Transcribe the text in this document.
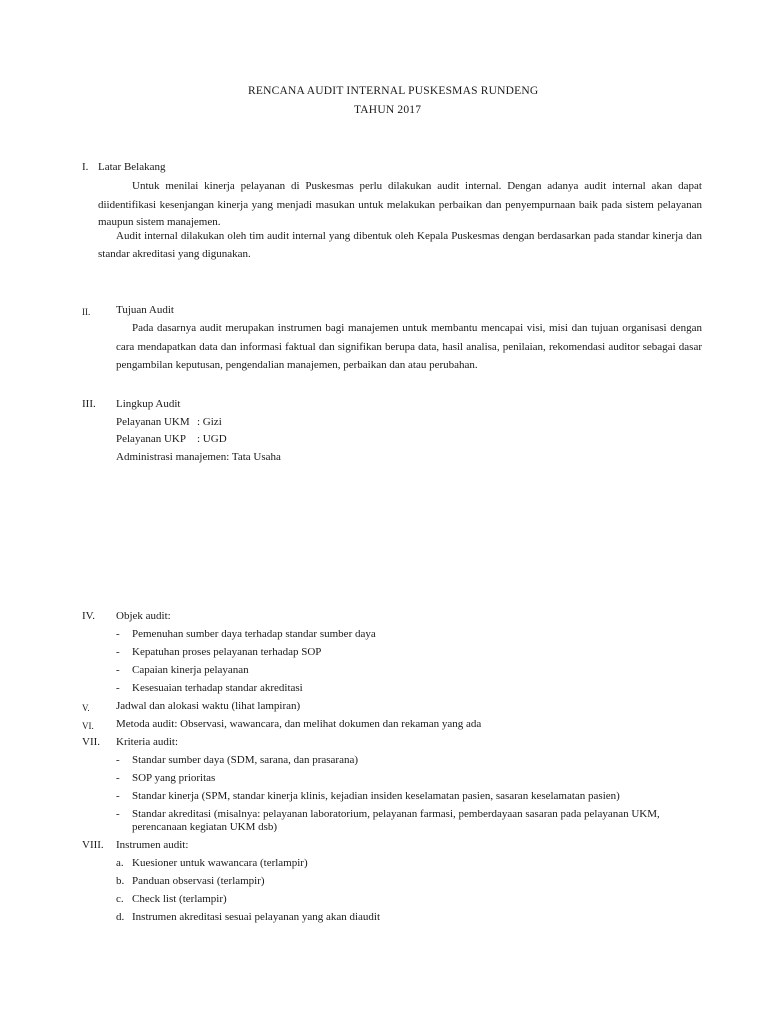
RENCANA AUDIT INTERNAL PUSKESMAS RUNDENG
TAHUN 2017
I. Latar Belakang
Untuk menilai kinerja pelayanan di Puskesmas perlu dilakukan audit internal. Dengan adanya audit internal akan dapat
diidentifikasi kesenjangan kinerja yang menjadi masukan untuk melakukan perbaikan dan penyempurnaan baik pada sistem pelayanan
maupun sistem manajemen.
Audit internal dilakukan oleh tim audit internal yang dibentuk oleh Kepala Puskesmas dengan berdasarkan pada standar kinerja dan
standar akreditasi yang digunakan.
II. Tujuan Audit
Pada dasarnya audit merupakan instrumen bagi manajemen untuk membantu mencapai visi, misi dan tujuan organisasi dengan
cara mendapatkan data dan informasi faktual dan signifikan berupa data, hasil analisa, penilaian, rekomendasi auditor sebagai dasar
pengambilan keputusan, pengendalian manajemen, perbaikan dan atau perubahan.
III. Lingkup Audit
Pelayanan UKM : Gizi
Pelayanan UKP : UGD
Administrasi manajemen: Tata Usaha
IV. Objek audit:
- Pemenuhan sumber daya terhadap standar sumber daya
- Kepatuhan proses pelayanan terhadap SOP
- Capaian kinerja pelayanan
- Kesesuaian terhadap standar akreditasi
V. Jadwal dan alokasi waktu (lihat lampiran)
VI. Metoda audit: Observasi, wawancara, dan melihat dokumen dan rekaman yang ada
VII. Kriteria audit:
- Standar sumber daya (SDM, sarana, dan prasarana)
- SOP yang prioritas
- Standar kinerja (SPM, standar kinerja klinis, kejadian insiden keselamatan pasien, sasaran keselamatan pasien)
- Standar akreditasi (misalnya: pelayanan laboratorium, pelayanan farmasi, pemberdayaan sasaran pada pelayanan UKM,
perencanaan kegiatan UKM dsb)
VIII. Instrumen audit:
a. Kuesioner untuk wawancara (terlampir)
b. Panduan observasi (terlampir)
c. Check list (terlampir)
d. Instrumen akreditasi sesuai pelayanan yang akan diaudit
